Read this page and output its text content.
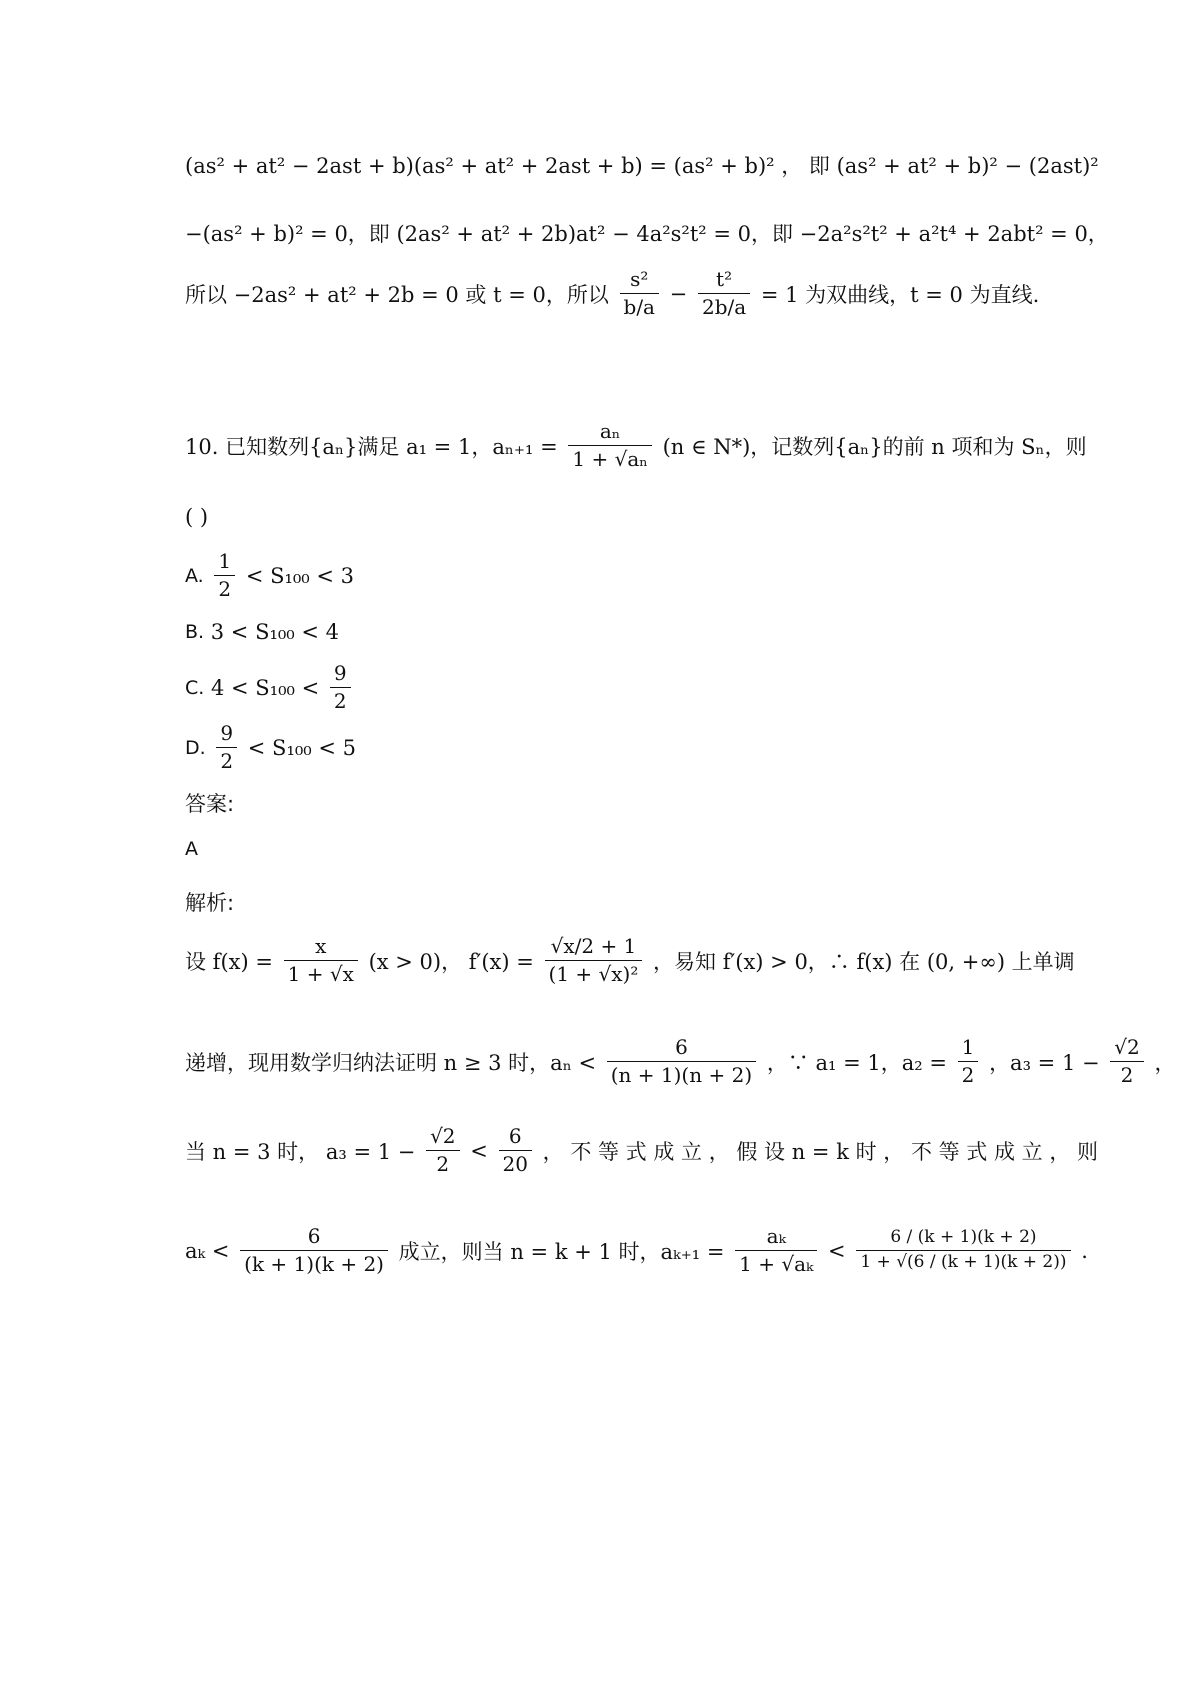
(as² + at² − 2ast + b)(as² + at² + 2ast + b) = (as² + b)² ， 即 (as² + at² + b)² − (2ast)²
−(as² + b)² = 0，即 (2as² + at² + 2b)at² − 4a²s²t² = 0，即 −2a²s²t² + a²t⁴ + 2abt² = 0，
所以 −2as² + at² + 2b = 0 或 t = 0，所以 $\frac{\text{s²}}{b/a} - \frac{\text{t²}}{2b/a} = 1$ 为双曲线，t = 0 为直线.
10. 已知数列{aₙ}满足 a₁ = 1，$a_{n+1} = \frac{\text{aₙ}}{\text{1 + √aₙ}} (n$ ∈ N*)，记数列{aₙ}的前 n 项和为 Sₙ，则
( )
A. $\frac{1}{2} < S_{100} < 3$
B. 3 < S₁₀₀ < 4
C. $4 < S_{100} < \frac{9}{2}$
D. $\frac{9}{2} < S_{100} < 5$
答案:
A
解析:
设 $f(x) = \frac{x}{1 + √x} (x > 0)$， $f'(x) = \frac{√x/2 + 1}{\text{(1 + √x)²}}$ ，易知 f′(x) > 0，∴ f(x) 在 (0, +∞) 上单调
递增，现用数学归纳法证明 n ≥ 3 时，$a_n < \frac{6}{(n + 1)(n + 2)}$ ，∵ a₁ = 1，$a_2 = \frac{1}{2}$ ，$a_3 = 1 - \frac{√2}{2}$ ，
当 n = 3 时， $a_3 = 1 - \frac{√2}{2} < \frac{6}{20}$ ， 不 等 式 成 立 ， 假 设 n = k 时 ， 不 等 式 成 立 ， 则
$a_k < \frac{6}{(k + 1)(k + 2)}$ 成立，则当 n = k + 1 时，$a_{k+1} = \frac{\text{aₖ}}{\text{1 + √aₖ}} < \frac{6 / (k + 1)(k + 2)}{1 + √(6 / (k + 1)(k + 2))}$ .
